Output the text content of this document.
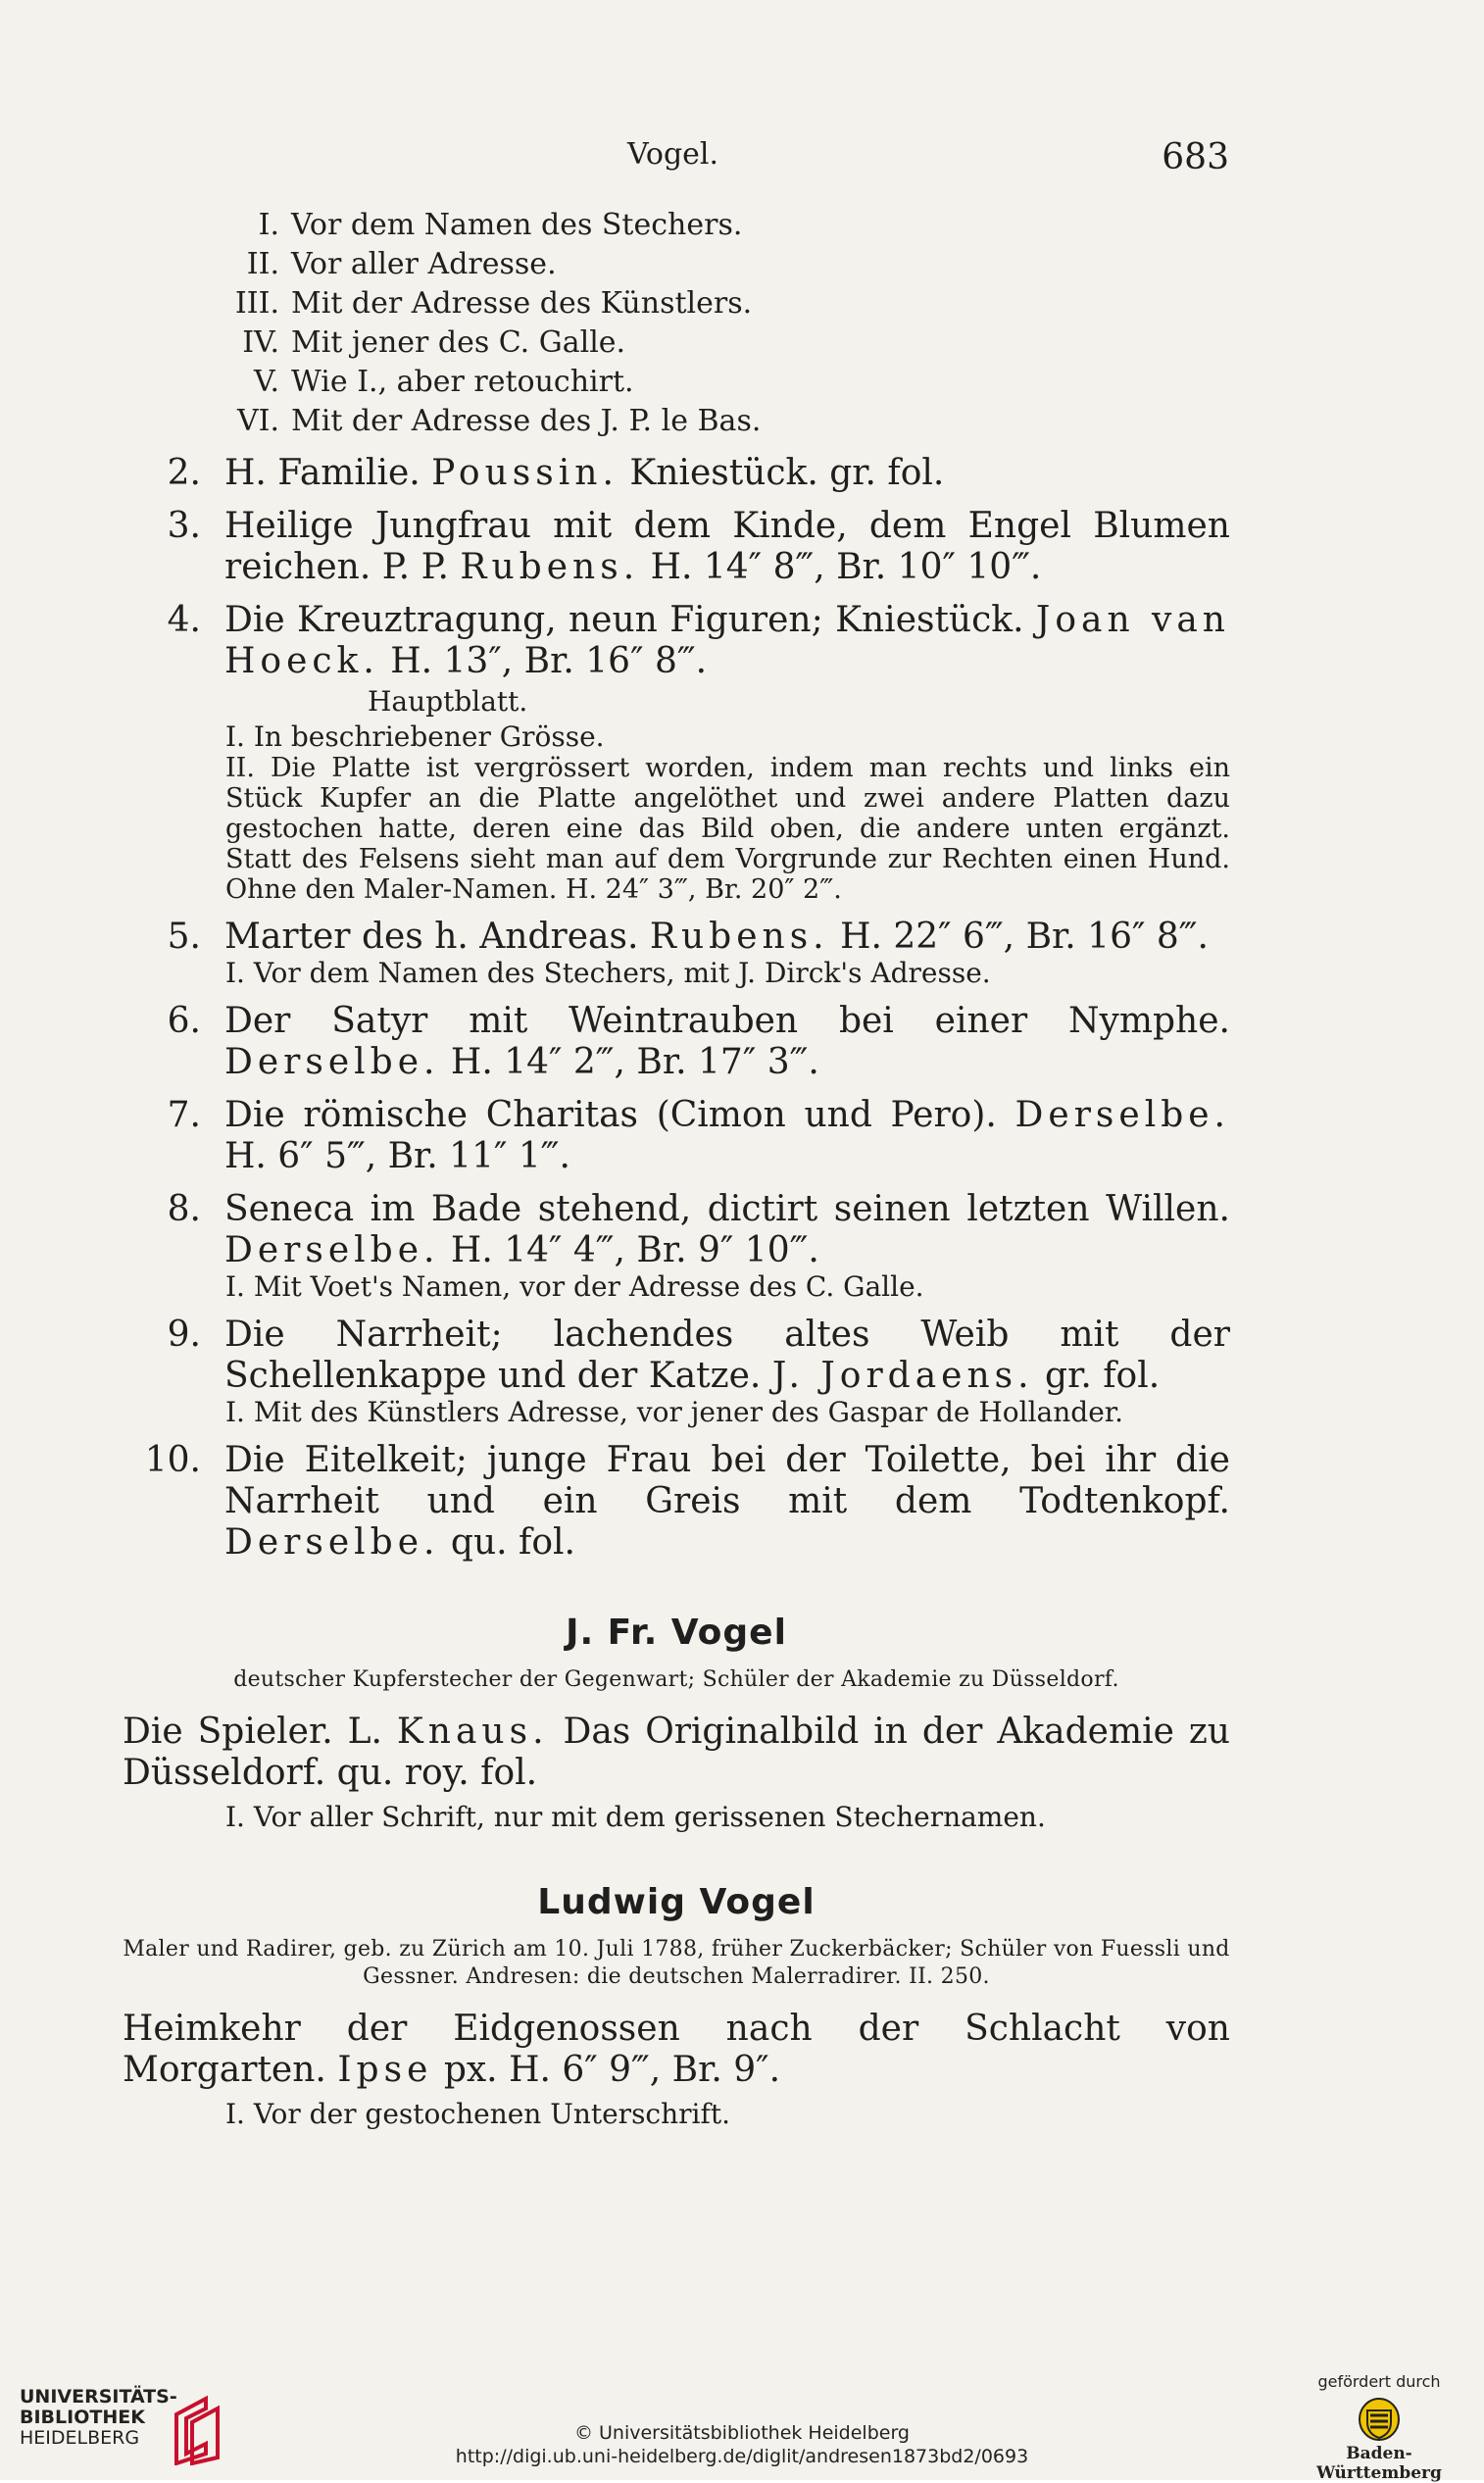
Vogel.	683
I. Vor dem Namen des Stechers.
II. Vor aller Adresse.
III. Mit der Adresse des Künstlers.
IV. Mit jener des C. Galle.
V. Wie I., aber retouchirt.
VI. Mit der Adresse des J. P. le Bas.
2. H. Familie. Poussin. Kniestück. gr. fol.
3. Heilige Jungfrau mit dem Kinde, dem Engel Blumen reichen. P. P. Rubens. H. 14″ 8‴, Br. 10″ 10‴.
4. Die Kreuztragung, neun Figuren; Kniestück. Joan van Hoeck. H. 13″, Br. 16″ 8‴.
Hauptblatt.
I. In beschriebener Grösse.
II. Die Platte ist vergrössert worden, indem man rechts und links ein Stück Kupfer an die Platte angelöthet und zwei andere Platten dazu gestochen hatte, deren eine das Bild oben, die andere unten ergänzt. Statt des Felsens sieht man auf dem Vorgrunde zur Rechten einen Hund. Ohne den Maler-Namen. H. 24″ 3‴, Br. 20″ 2‴.
5. Marter des h. Andreas. Rubens. H. 22″ 6‴, Br. 16″ 8‴.
I. Vor dem Namen des Stechers, mit J. Dirck's Adresse.
6. Der Satyr mit Weintrauben bei einer Nymphe. Derselbe. H. 14″ 2‴, Br. 17″ 3‴.
7. Die römische Charitas (Cimon und Pero). Derselbe. H. 6″ 5‴, Br. 11″ 1‴.
8. Seneca im Bade stehend, dictirt seinen letzten Willen. Derselbe. H. 14″ 4‴, Br. 9″ 10‴.
I. Mit Voet's Namen, vor der Adresse des C. Galle.
9. Die Narrheit; lachendes altes Weib mit der Schellenkappe und der Katze. J. Jordaens. gr. fol.
I. Mit des Künstlers Adresse, vor jener des Gaspar de Hollander.
10. Die Eitelkeit; junge Frau bei der Toilette, bei ihr die Narrheit und ein Greis mit dem Todtenkopf. Derselbe. qu. fol.
J. Fr. Vogel
deutscher Kupferstecher der Gegenwart; Schüler der Akademie zu Düsseldorf.
Die Spieler. L. Knaus. Das Originalbild in der Akademie zu Düsseldorf. qu. roy. fol.
I. Vor aller Schrift, nur mit dem gerissenen Stechernamen.
Ludwig Vogel
Maler und Radirer, geb. zu Zürich am 10. Juli 1788, früher Zuckerbäcker; Schüler von Fuessli und Gessner. Andresen: die deutschen Malerradirer. II. 250.
Heimkehr der Eidgenossen nach der Schlacht von Morgarten. Ipse px. H. 6″ 9‴, Br. 9″.
I. Vor der gestochenen Unterschrift.
UNIVERSITÄTS-
BIBLIOTHEK
HEIDELBERG	© Universitätsbibliothek Heidelberg
http://digi.ub.uni-heidelberg.de/diglit/andresen1873bd2/0693
gefördert durch
Baden-Württemberg
